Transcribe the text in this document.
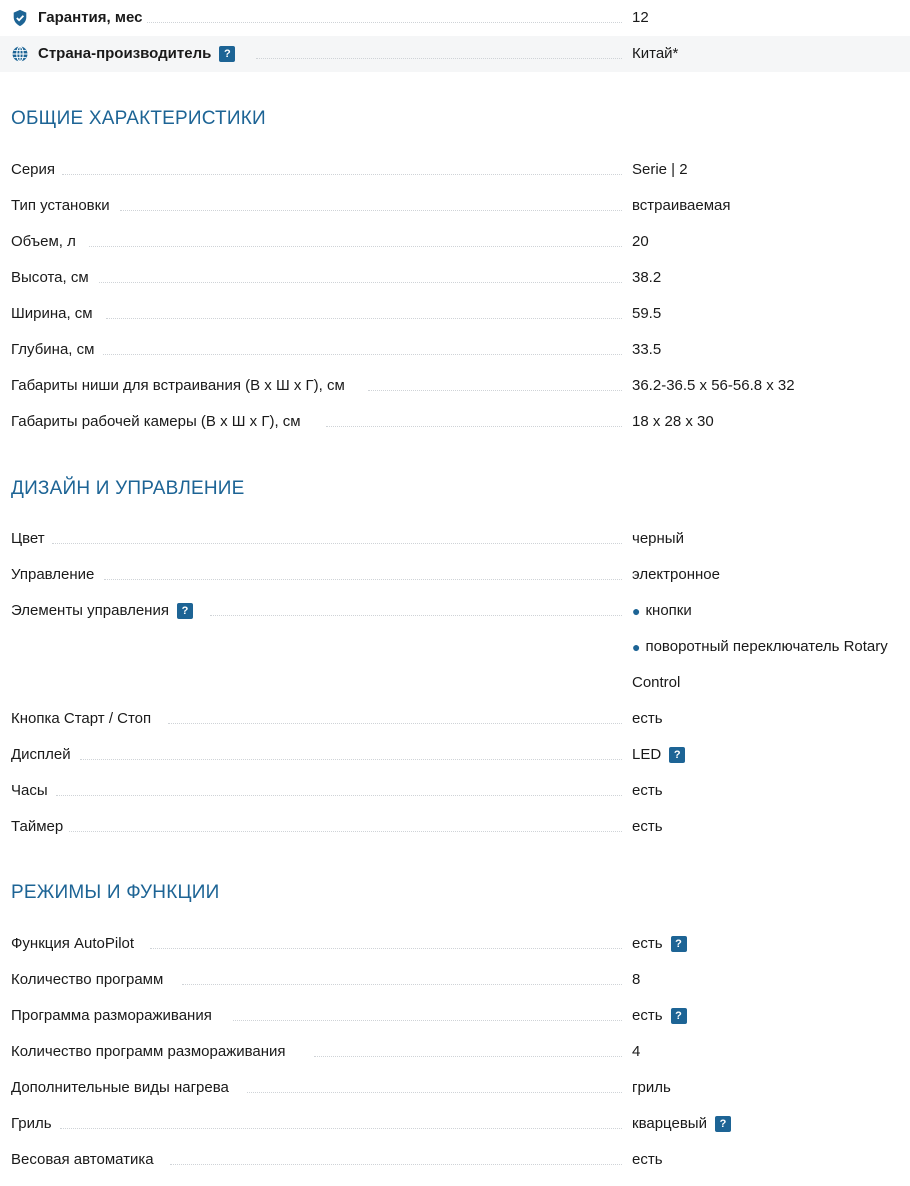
Гарантия, мес	12
Страна-производитель	?	Китай*
ОБЩИЕ ХАРАКТЕРИСТИКИ
Серия	Serie | 2
Тип установки	встраиваемая
Объем, л	20
Высота, см	38.2
Ширина, см	59.5
Глубина, см	33.5
Габариты ниши для встраивания (В х Ш х Г), см	36.2-36.5 х 56-56.8 х 32
Габариты рабочей камеры (В х Ш х Г), см	18 х 28 х 30
ДИЗАЙН И УПРАВЛЕНИЕ
Цвет	черный
Управление	электронное
Элементы управления	?	● кнопки
● поворотный переключатель Rotary
Control
Кнопка Старт / Стоп	есть
Дисплей	LED	?
Часы	есть
Таймер	есть
РЕЖИМЫ И ФУНКЦИИ
Функция AutoPilot	есть	?
Количество программ	8
Программа размораживания	есть	?
Количество программ размораживания	4
Дополнительные виды нагрева	гриль
Гриль	кварцевый	?
Весовая автоматика	есть
